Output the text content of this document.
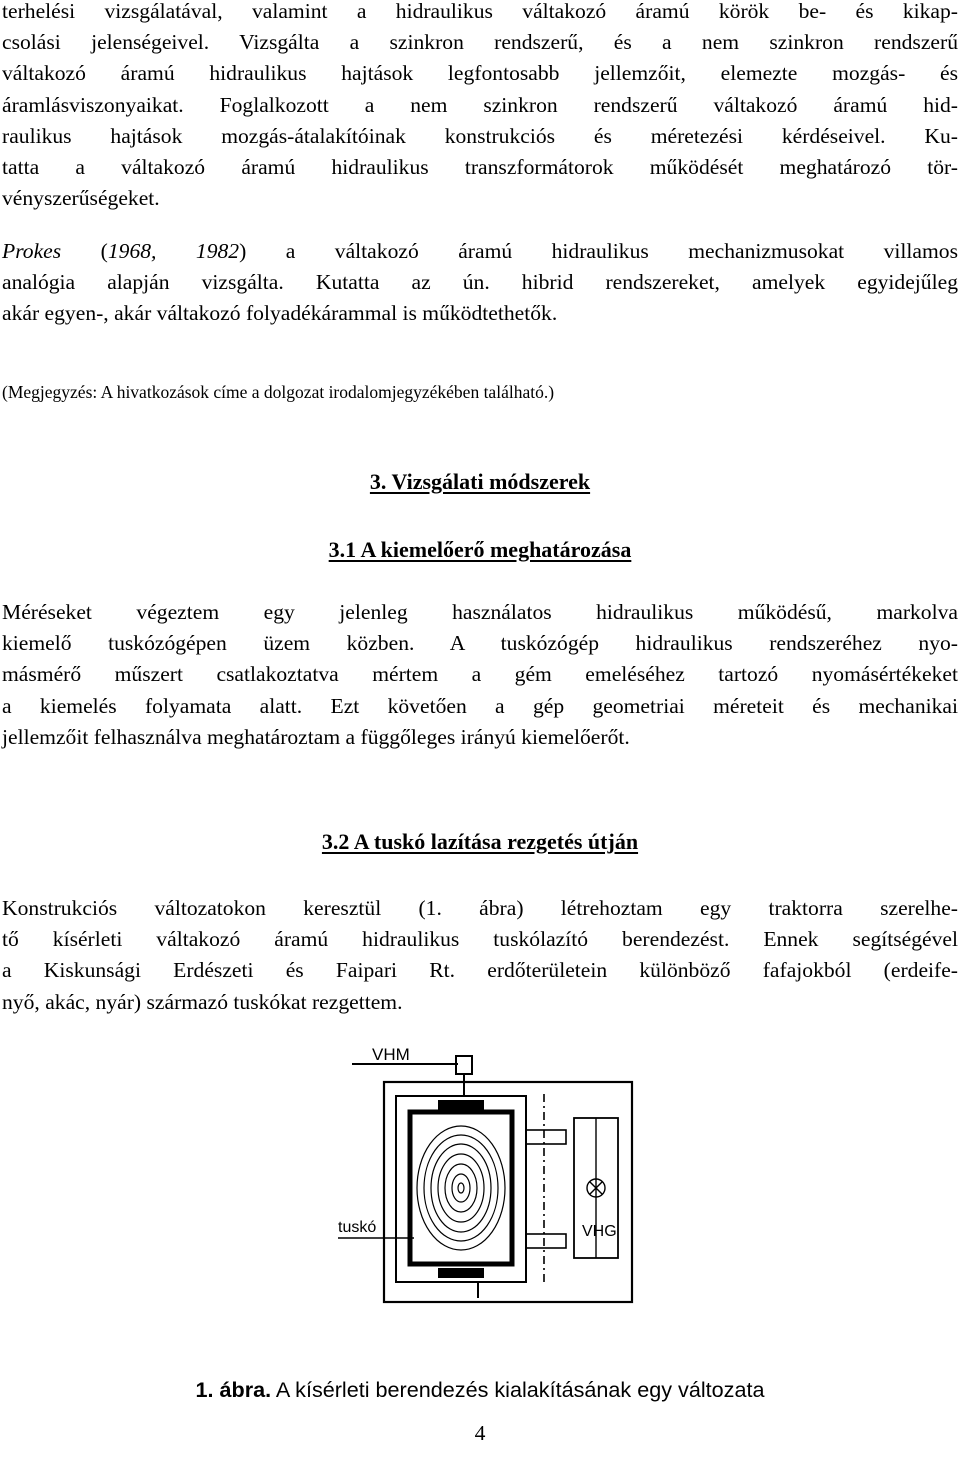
terhelési vizsgálatával, valamint a hidraulikus váltakozó áramú körök be- és kikap-
csolási jelenségeivel. Vizsgálta a szinkron rendszerű, és a nem szinkron rendszerű
váltakozó áramú hidraulikus hajtások legfontosabb jellemzőit, elemezte mozgás- és
áramlásviszonyaikat. Foglalkozott a nem szinkron rendszerű váltakozó áramú hid-
raulikus hajtások mozgás-átalakítóinak konstrukciós és méretezési kérdéseivel. Ku-
tatta a váltakozó áramú hidraulikus transzformátorok működését meghatározó tör-
vényszerűségeket.
Prokes (1968, 1982) a váltakozó áramú hidraulikus mechanizmusokat villamos
analógia alapján vizsgálta. Kutatta az ún. hibrid rendszereket, amelyek egyidejűleg
akár egyen-, akár váltakozó folyadékárammal is működtethetők.

(Megjegyzés: A hivatkozások címe a dolgozat irodalomjegyzékében található.)

3. Vizsgálati módszerek

3.1 A kiemelőerő meghatározása

Méréseket végeztem egy jelenleg használatos hidraulikus működésű, markolva
kiemelő tuskózógépen üzem közben. A tuskózógép hidraulikus rendszeréhez nyo-
másmérő műszert csatlakoztatva mértem a gém emeléséhez tartozó nyomásértékeket
a kiemelés folyamata alatt. Ezt követően a gép geometriai méreteit és mechanikai
jellemzőit felhasználva meghatároztam a függőleges irányú kiemelőerőt.

3.2 A tuskó lazítása rezgetés útján

Konstrukciós változatokon keresztül (1. ábra) létrehoztam egy traktorra szerelhe-
tő kísérleti váltakozó áramú hidraulikus tuskólazító berendezést. Ennek segítségével
a Kiskunsági Erdészeti és Faipari Rt. erdőterületein különböző fafajokból (erdeife-
nyő, akác, nyár) származó tuskókat rezgettem.
VHM
VHG
tuskó

1. ábra. A kísérleti berendezés kialakításának egy változata

4
